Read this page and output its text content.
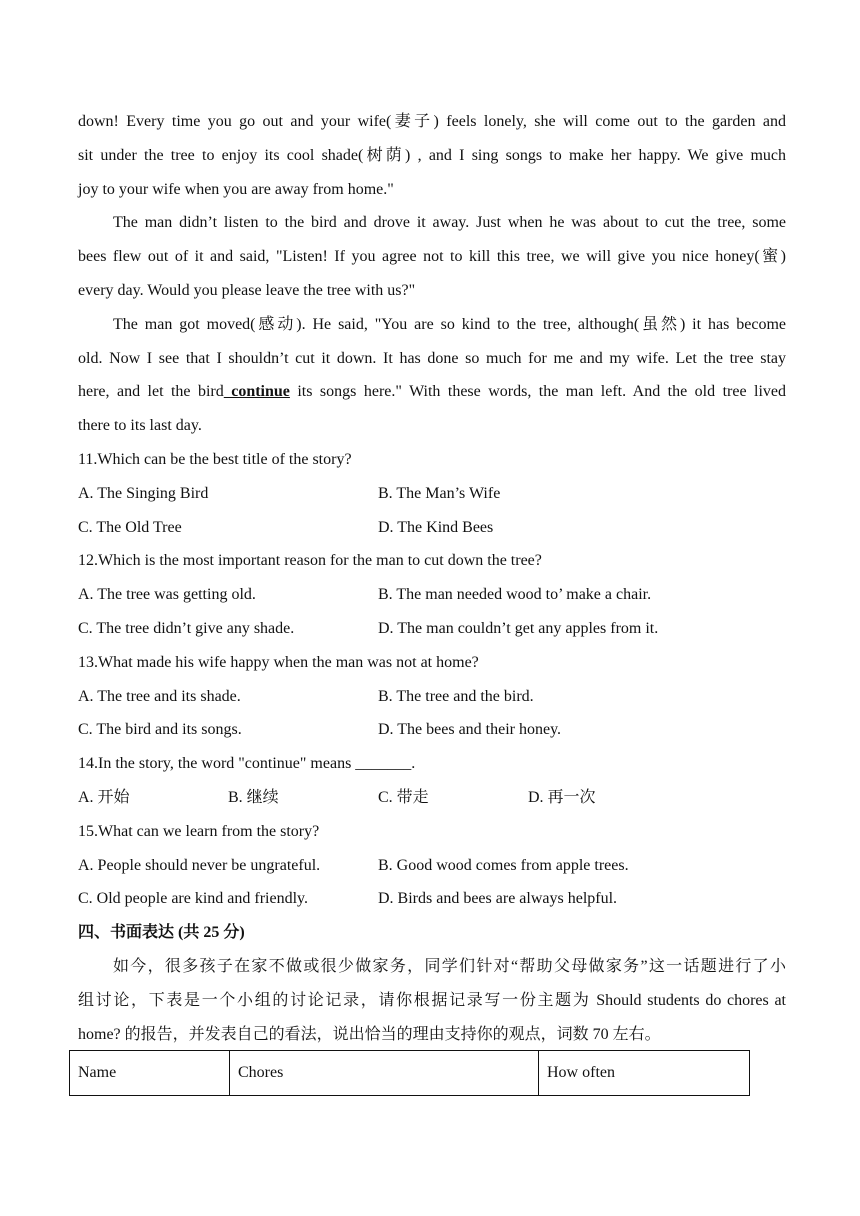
down! Every time you go out and your wife(妻子) feels lonely, she will come out to the garden and
sit under the tree to enjoy its cool shade(树荫) , and I sing songs to make her happy. We give much
joy to your wife when you are away from home."
The man didn’t listen to the bird and drove it away. Just when he was about to cut the tree, some
bees flew out of it and said, "Listen! If you agree not to kill this tree, we will give you nice honey(蜜)
every day. Would you please leave the tree with us?"
The man got moved(感动). He said, "You are so kind to the tree, although(虽然) it has become
old. Now I see that I shouldn’t cut it down. It has done so much for me and my wife. Let the tree stay
here, and let the bird continue its songs here." With these words, the man left. And the old tree lived
there to its last day.
11.Which can be the best title of the story?
A. The Singing Bird	B. The Man’s Wife
C. The Old Tree	D. The Kind Bees
12.Which is the most important reason for the man to cut down the tree?
A. The tree was getting old.	B. The man needed wood to’ make a chair.
C. The tree didn’t give any shade.	D. The man couldn’t get any apples from it.
13.What made his wife happy when the man was not at home?
A. The tree and its shade.	B. The tree and the bird.
C. The bird and its songs.	D. The bees and their honey.
14.In the story, the word "continue" means _______.
A. 开始	B. 继续	C. 带走	D. 再一次
15.What can we learn from the story?
A. People should never be ungrateful.	B. Good wood comes from apple trees.
C. Old people are kind and friendly.	D. Birds and bees are always helpful.
四、书面表达 (共 25 分)
如今，很多孩子在家不做或很少做家务，同学们针对“帮助父母做家务”这一话题进行了小
组讨论，下表是一个小组的讨论记录，请你根据记录写一份主题为 Should students do chores at
home? 的报告，并发表自己的看法，说出恰当的理由支持你的观点，词数 70 左右。
Name	Chores	How often
